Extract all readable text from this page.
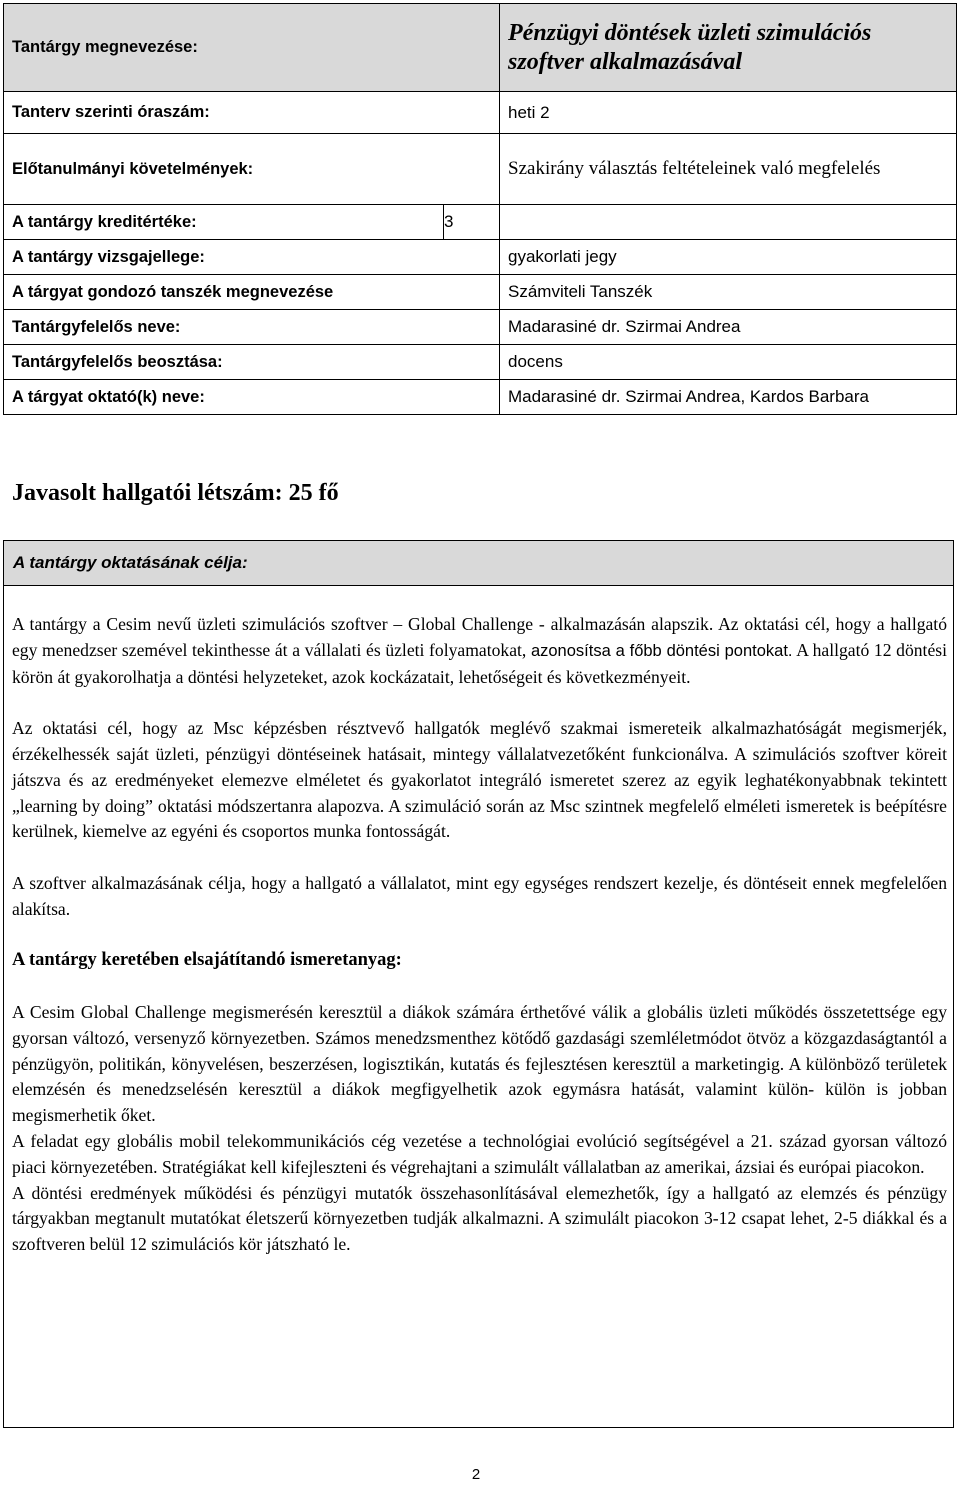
Tantárgy megnevezése:		Pénzügyi döntések üzleti szimulációs szoftver alkalmazásával
Tanterv szerinti óraszám:		heti 2
Előtanulmányi követelmények:		Szakirány választás feltételeinek való megfelelés
A tantárgy kreditértéke:	3	
A tantárgy vizsgajellege:		gyakorlati jegy
A tárgyat gondozó tanszék megnevezése		Számviteli Tanszék
Tantárgyfelelős neve:		Madarasiné dr. Szirmai Andrea
Tantárgyfelelős beosztása:		docens
A tárgyat oktató(k) neve:		Madarasiné dr. Szirmai Andrea, Kardos Barbara
Javasolt hallgatói létszám: 25 fő
A tantárgy oktatásának célja:

A tantárgy a Cesim nevű üzleti szimulációs szoftver – Global Challenge - alkalmazásán alapszik. Az oktatási cél, hogy a hallgató egy menedzser szemével tekinthesse át a vállalati és üzleti folyamatokat, azonosítsa a főbb döntési pontokat. A hallgató 12 döntési körön át gyakorolhatja a döntési helyzeteket, azok kockázatait, lehetőségeit és következményeit.

Az oktatási cél, hogy az Msc képzésben résztvevő hallgatók meglévő szakmai ismereteik alkalmazhatóságát megismerjék, érzékelhessék saját üzleti, pénzügyi döntéseinek hatásait, mintegy vállalatvezetőként funkcionálva. A szimulációs szoftver köreit játszva és az eredményeket elemezve elméletet és gyakorlatot integráló ismeretet szerez az egyik leghatékonyabbnak tekintett „learning by doing” oktatási módszertanra alapozva. A szimuláció során az Msc szintnek megfelelő elméleti ismeretek is beépítésre kerülnek, kiemelve az egyéni és csoportos munka fontosságát.

A szoftver alkalmazásának célja, hogy a hallgató a vállalatot, mint egy egységes rendszert kezelje, és döntéseit ennek megfelelően alakítsa.

A tantárgy keretében elsajátítandó ismeretanyag:

A Cesim Global Challenge megismerésén keresztül a diákok számára érthetővé válik a globális üzleti működés összetettsége egy gyorsan változó, versenyző környezetben. Számos menedzsmenthez kötődő gazdasági szemléletmódot ötvöz a közgazdaságtantól a pénzügyön, politikán, könyvelésen, beszerzésen, logisztikán, kutatás és fejlesztésen keresztül a marketingig. A különböző területek elemzésén és menedzselésén keresztül a diákok megfigyelhetik azok egymásra hatását, valamint külön- külön is jobban megismerhetik őket.

A feladat egy globális mobil telekommunikációs cég vezetése a technológiai evolúció segítségével a 21. század gyorsan változó piaci környezetében. Stratégiákat kell kifejleszteni és végrehajtani a szimulált vállalatban az amerikai, ázsiai és európai piacokon.

A döntési eredmények működési és pénzügyi mutatók összehasonlításával elemezhetők, így a hallgató az elemzés és pénzügy tárgyakban megtanult mutatókat életszerű környezetben tudják alkalmazni. A szimulált piacokon 3-12 csapat lehet, 2-5 diákkal és a szoftveren belül 12 szimulációs kör játszható le.

2
